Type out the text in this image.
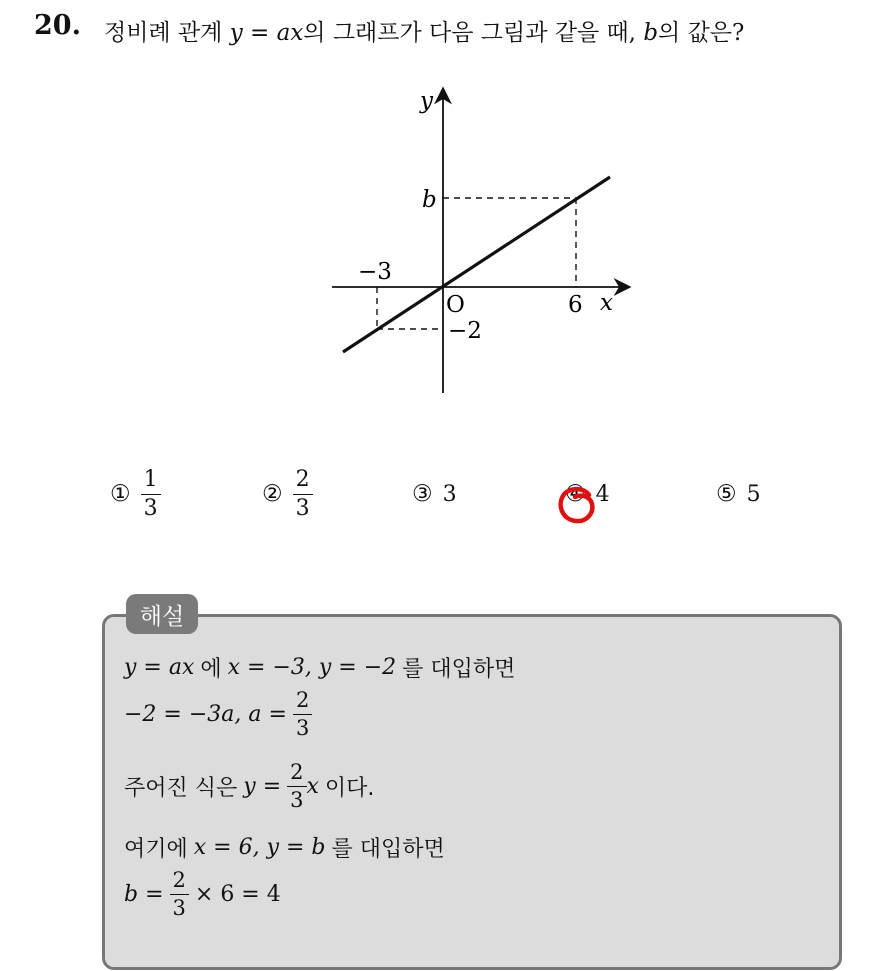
20. 정비례 관계 y = ax의 그래프가 다음 그림과 같을 때, b의 값은?
y
x
O
b
−3
6
−2
① $\frac{1}{3}$	② $\frac{2}{3}$	③ 3	④ 4	⑤ 5
해설
y = ax 에 x = −3, y = −2 를 대입하면
−2 = −3a, $a = \frac{2}{3}$
주어진 식은 $y = \frac{2}{3}$ x 이다.
여기에 x = 6, y = b 를 대입하면
$b = \frac{2}{3} \times 6 = 4$
